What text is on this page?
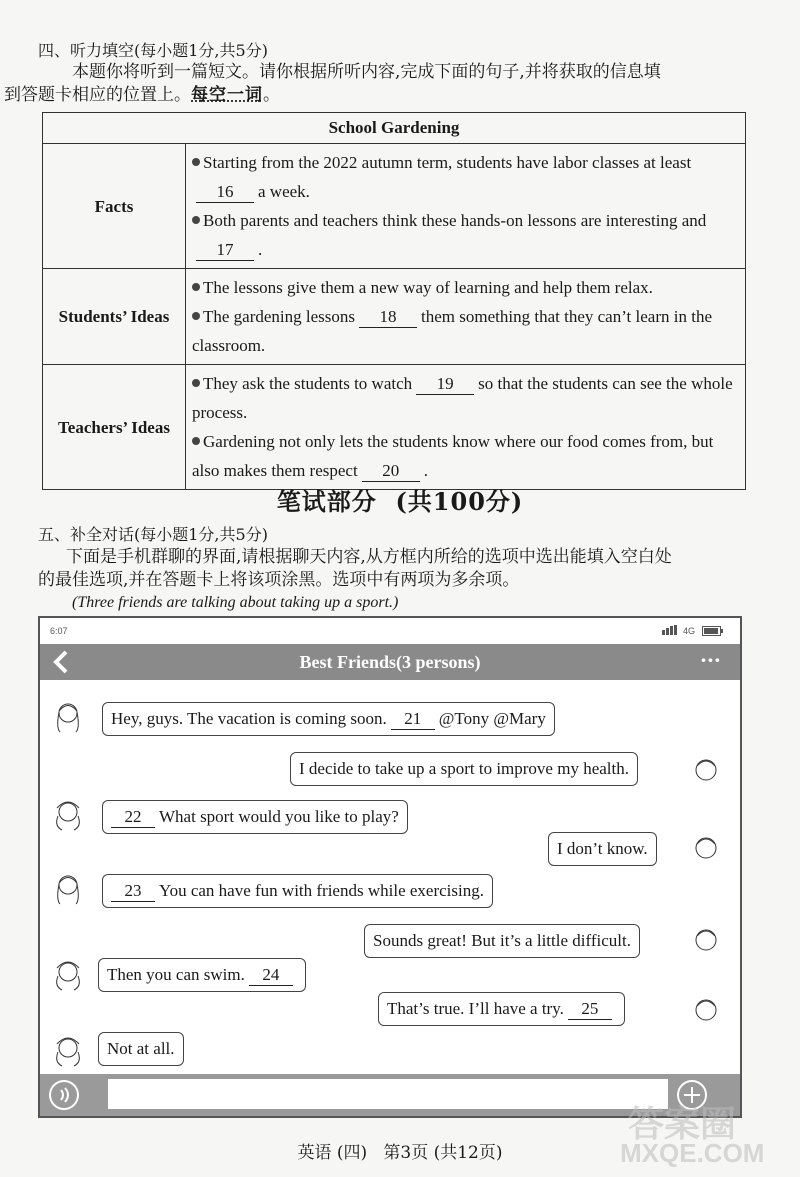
四、听力填空(每小题1分,共5分)
本题你将听到一篇短文。请你根据所听内容,完成下面的句子,并将获取的信息填
到答题卡相应的位置上。每空一词。
School Gardening	
Facts	Starting from the 2022 autumn term, students have labor classes at least16 a week.
Both parents and teachers think these hands-on lessons are interesting and17 .

Students’ Ideas	The lessons give them a new way of learning and help them relax.
The gardening lessons 18 them something that they can’t learn in the classroom.

Teachers’ Ideas	They ask the students to watch 19 so that the students can see the whole process.
Gardening not only lets the students know where our food comes from, but also makes them respect 20 .
笔试部分  (共100分)
五、补全对话(每小题1分,共5分)
下面是手机群聊的界面,请根据聊天内容,从方框内所给的选项中选出能填入空白处
的最佳选项,并在答题卡上将该项涂黑。选项中有两项为多余项。
(Three friends are talking about taking up a sport.)
6:07	4G
Best Friends(3 persons)	···
Hey, guys. The vacation is coming soon. 21 @Tony @Mary
I decide to take up a sport to improve my health.
22 What sport would you like to play?
I don’t know.
23 You can have fun with friends while exercising.
Sounds great! But it’s a little difficult.
Then you can swim. 24
That’s true. I’ll have a try. 25
Not at all.
英语 (四)   第3页 (共12页)
答案圈
MXQE.COM
